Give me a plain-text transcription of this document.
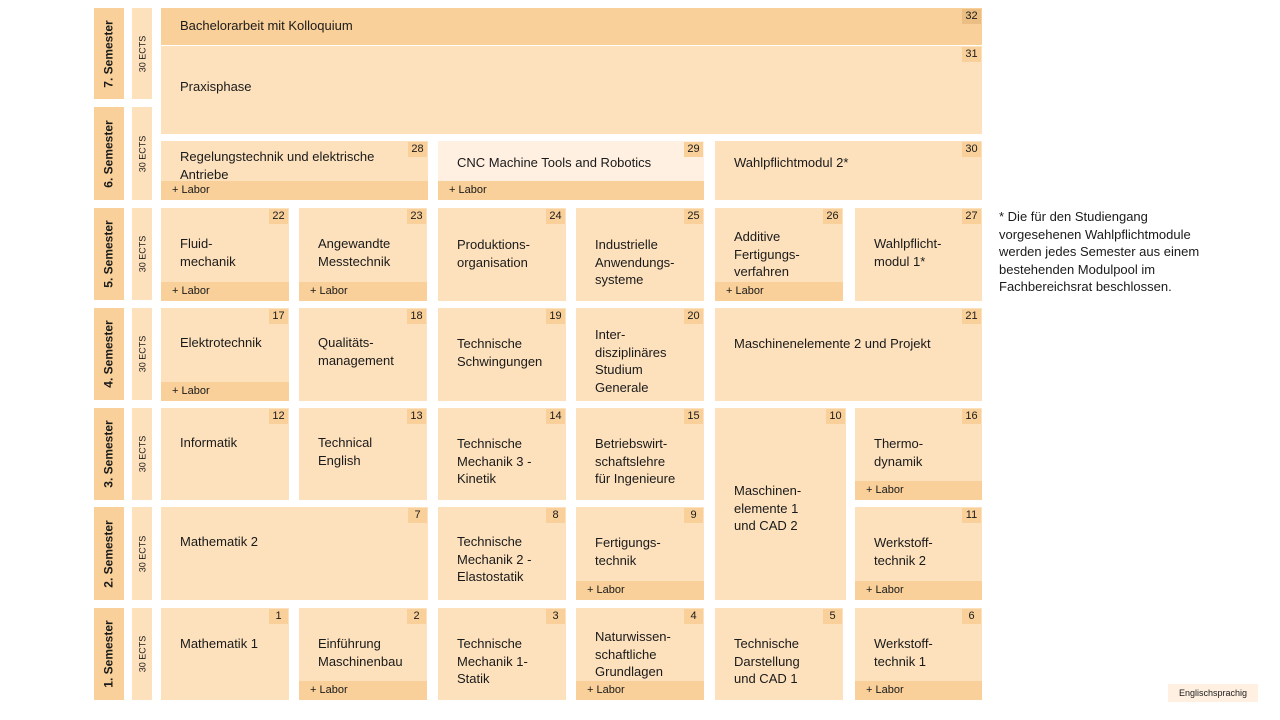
7. Semester 30 ECTS
6. Semester 30 ECTS
5. Semester 30 ECTS
4. Semester 30 ECTS
3. Semester 30 ECTS
2. Semester 30 ECTS
1. Semester 30 ECTS
Bachelorarbeit mit Kolloquium
32
Praxisphase
31
Regelungstechnik und elektrische
Antriebe
28
+ Labor
CNC Machine Tools and Robotics
29
+ Labor
Wahlpflichtmodul 2*
30
Fluid-
mechanik
22
+ Labor
Angewandte
Messtechnik
23
+ Labor
Produktions-
organisation
24
Industrielle
Anwendungs-
systeme
25
Additive
Fertigungs-
verfahren
26
+ Labor
Wahlpflicht-
modul 1*
27
Elektrotechnik
17
+ Labor
Qualitäts-
management
18
Technische
Schwingungen
19
Inter-
disziplinäres
Studium
Generale
20
Maschinenelemente 2 und Projekt
21
Informatik
12
Technical
English
13
Technische
Mechanik 3 -
Kinetik
14
Betriebswirt-
schaftslehre
für Ingenieure
15
Maschinen-
elemente 1
und CAD 2
10
Thermo-
dynamik
16
+ Labor
Mathematik 2
7
Technische
Mechanik 2 -
Elastostatik
8
Fertigungs-
technik
9
+ Labor
Werkstoff-
technik 2
11
+ Labor
Mathematik 1
1
Einführung
Maschinenbau
2
+ Labor
Technische
Mechanik 1-
Statik
3
Naturwissen-
schaftliche
Grundlagen
4
+ Labor
Technische
Darstellung
und CAD 1
5
Werkstoff-
technik 1
6
+ Labor
* Die für den Studiengang vorgesehenen Wahlpflichtmodule werden jedes Semester aus einem bestehenden Modulpool im Fachbereichsrat beschlossen.
Englischsprachig
